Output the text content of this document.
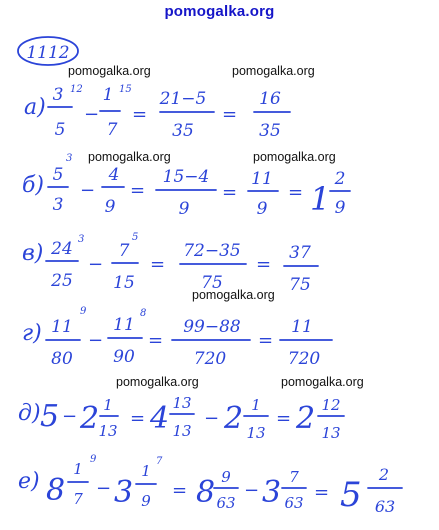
pomogalka.org
pomogalka.org	pomogalka.org
pomogalka.org	pomogalka.org
pomogalka.org
pomogalka.org	pomogalka.org
1112
а) 3 12
5
−
1 15
7
=
21−5
35
=
16
35
б) 5
3
3
−
4
9
=
15−4
9
=
11
9
= 1
2
9
в) 24 3
25
−
7
5
15
=
72−35
75
=
37
75
г) 11
9
80
−
11
8
90
=
99−88
720
=
11
720
д) 5 − 2 1
13
= 4 13
13
− 2 1
13
= 2 12
13
е) 8
1
9
7 − 3
1
7
9 = 8 9
63
− 3 7
63 = 5
2
63
